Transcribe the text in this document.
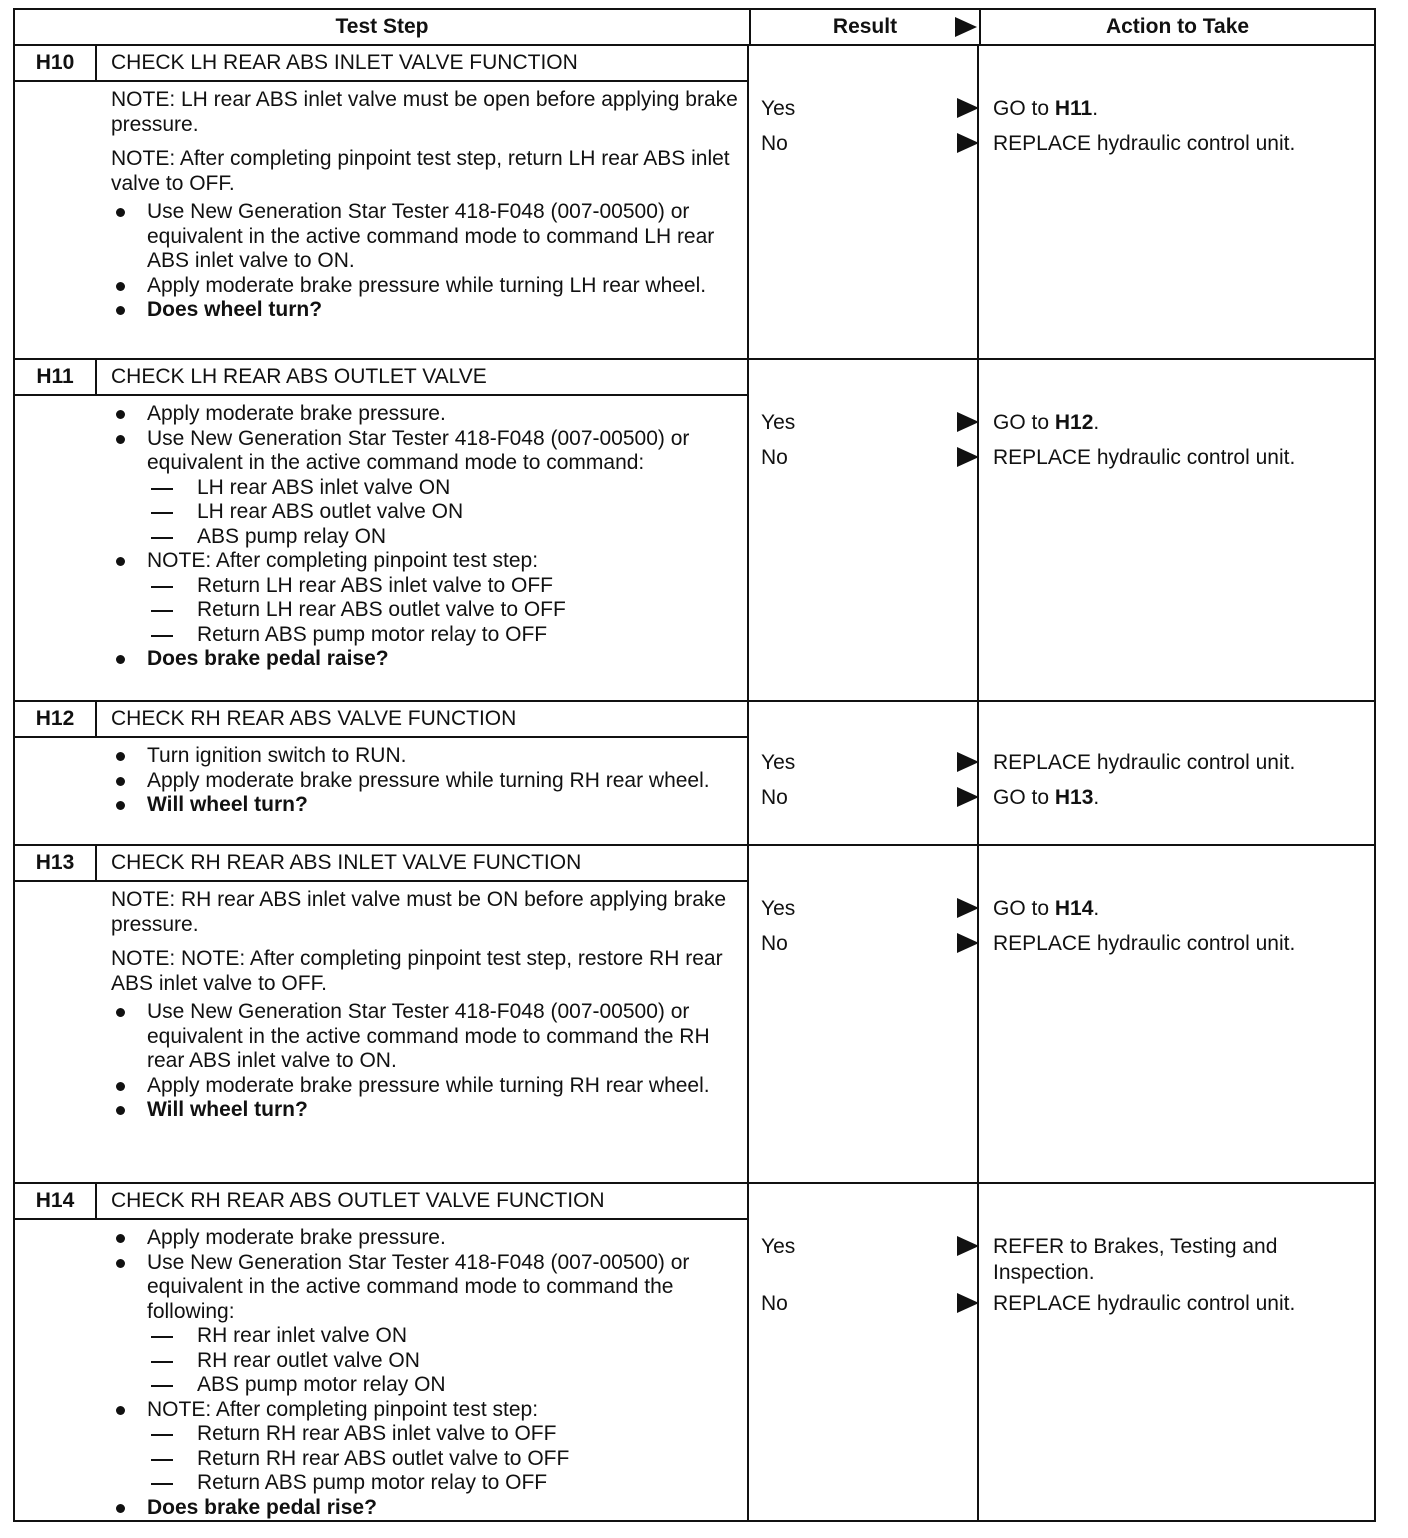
Test Step	Result	Action to Take
H10	CHECK LH REAR ABS INLET VALVE FUNCTION

NOTE: LH rear ABS inlet valve must be open before applying brake pressure.

NOTE: After completing pinpoint test step, return LH rear ABS inlet valve to OFF.

Use New Generation Star Tester 418-F048 (007-00500) or equivalent in the active command mode to command LH rear ABS inlet valve to ON.
Apply moderate brake pressure while turning LH rear wheel.
Does wheel turn?
Yes	GO to H11.
No	REPLACE hydraulic control unit.
H11	CHECK LH REAR ABS OUTLET VALVE
Apply moderate brake pressure.
Use New Generation Star Tester 418-F048 (007-00500) or equivalent in the active command mode to command:
LH rear ABS inlet valve ON
LH rear ABS outlet valve ON
ABS pump relay ON
NOTE: After completing pinpoint test step:
Return LH rear ABS inlet valve to OFF
Return LH rear ABS outlet valve to OFF
Return ABS pump motor relay to OFF
Does brake pedal raise?
Yes	GO to H12.
No	REPLACE hydraulic control unit.
H12	CHECK RH REAR ABS VALVE FUNCTION
Turn ignition switch to RUN.
Apply moderate brake pressure while turning RH rear wheel.
Will wheel turn?
Yes	REPLACE hydraulic control unit.
No	GO to H13.
H13	CHECK RH REAR ABS INLET VALVE FUNCTION

NOTE: RH rear ABS inlet valve must be ON before applying brake pressure.

NOTE: NOTE: After completing pinpoint test step, restore RH rear ABS inlet valve to OFF.

Use New Generation Star Tester 418-F048 (007-00500) or equivalent in the active command mode to command the RH rear ABS inlet valve to ON.
Apply moderate brake pressure while turning RH rear wheel.
Will wheel turn?
Yes	GO to H14.
No	REPLACE hydraulic control unit.
H14	CHECK RH REAR ABS OUTLET VALVE FUNCTION
Apply moderate brake pressure.
Use New Generation Star Tester 418-F048 (007-00500) or equivalent in the active command mode to command the following:
RH rear inlet valve ON
RH rear outlet valve ON
ABS pump motor relay ON
NOTE: After completing pinpoint test step:
Return RH rear ABS inlet valve to OFF
Return RH rear ABS outlet valve to OFF
Return ABS pump motor relay to OFF
Does brake pedal rise?
Yes	REFER to Brakes, Testing and Inspection.
No	REPLACE hydraulic control unit.
